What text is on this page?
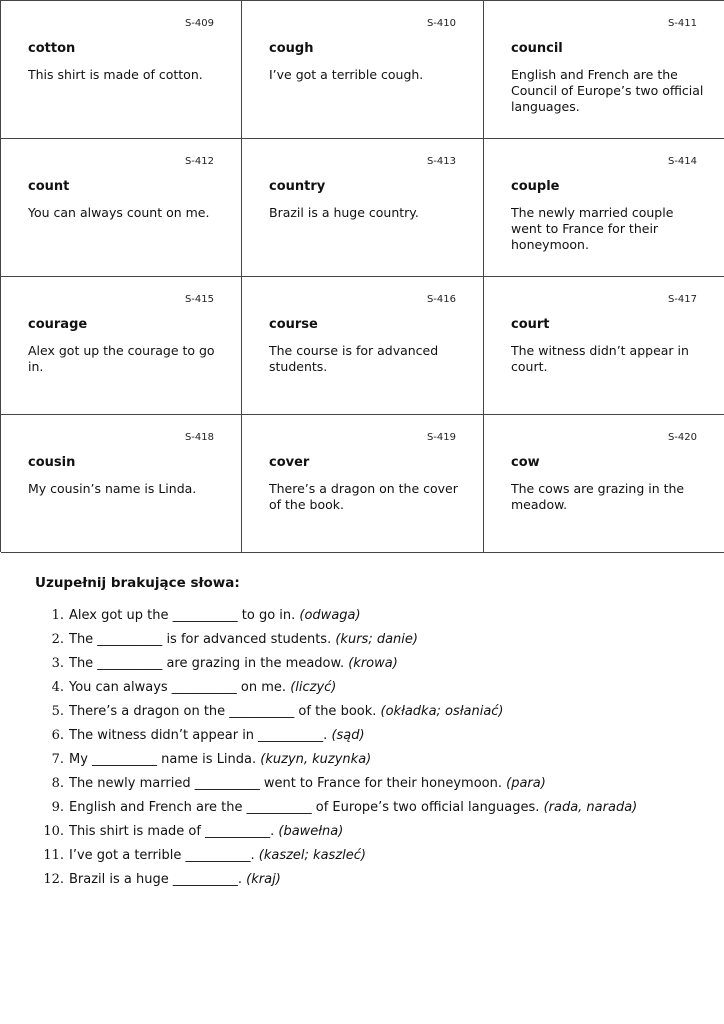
S-409
cotton
This shirt is made of cotton.
S-410
cough
I’ve got a terrible cough.
S-411
council
English and French are the Council of Europe’s two official languages.
S-412
count
You can always count on me.
S-413
country
Brazil is a huge country.
S-414
couple
The newly married couple went to France for their honeymoon.
S-415
courage
Alex got up the courage to go in.
S-416
course
The course is for advanced students.
S-417
court
The witness didn’t appear in court.
S-418
cousin
My cousin’s name is Linda.
S-419
cover
There’s a dragon on the cover of the book.
S-420
cow
The cows are grazing in the meadow.
Uzupełnij brakujące słowa:
1. Alex got up the __________ to go in. (odwaga)
2. The __________ is for advanced students. (kurs; danie)
3. The __________ are grazing in the meadow. (krowa)
4. You can always __________ on me. (liczyć)
5. There’s a dragon on the __________ of the book. (okładka; osłaniać)
6. The witness didn’t appear in __________. (sąd)
7. My __________ name is Linda. (kuzyn, kuzynka)
8. The newly married __________ went to France for their honeymoon. (para)
9. English and French are the __________ of Europe’s two official languages. (rada, narada)
10. This shirt is made of __________. (bawełna)
11. I’ve got a terrible __________. (kaszel; kaszleć)
12. Brazil is a huge __________. (kraj)
